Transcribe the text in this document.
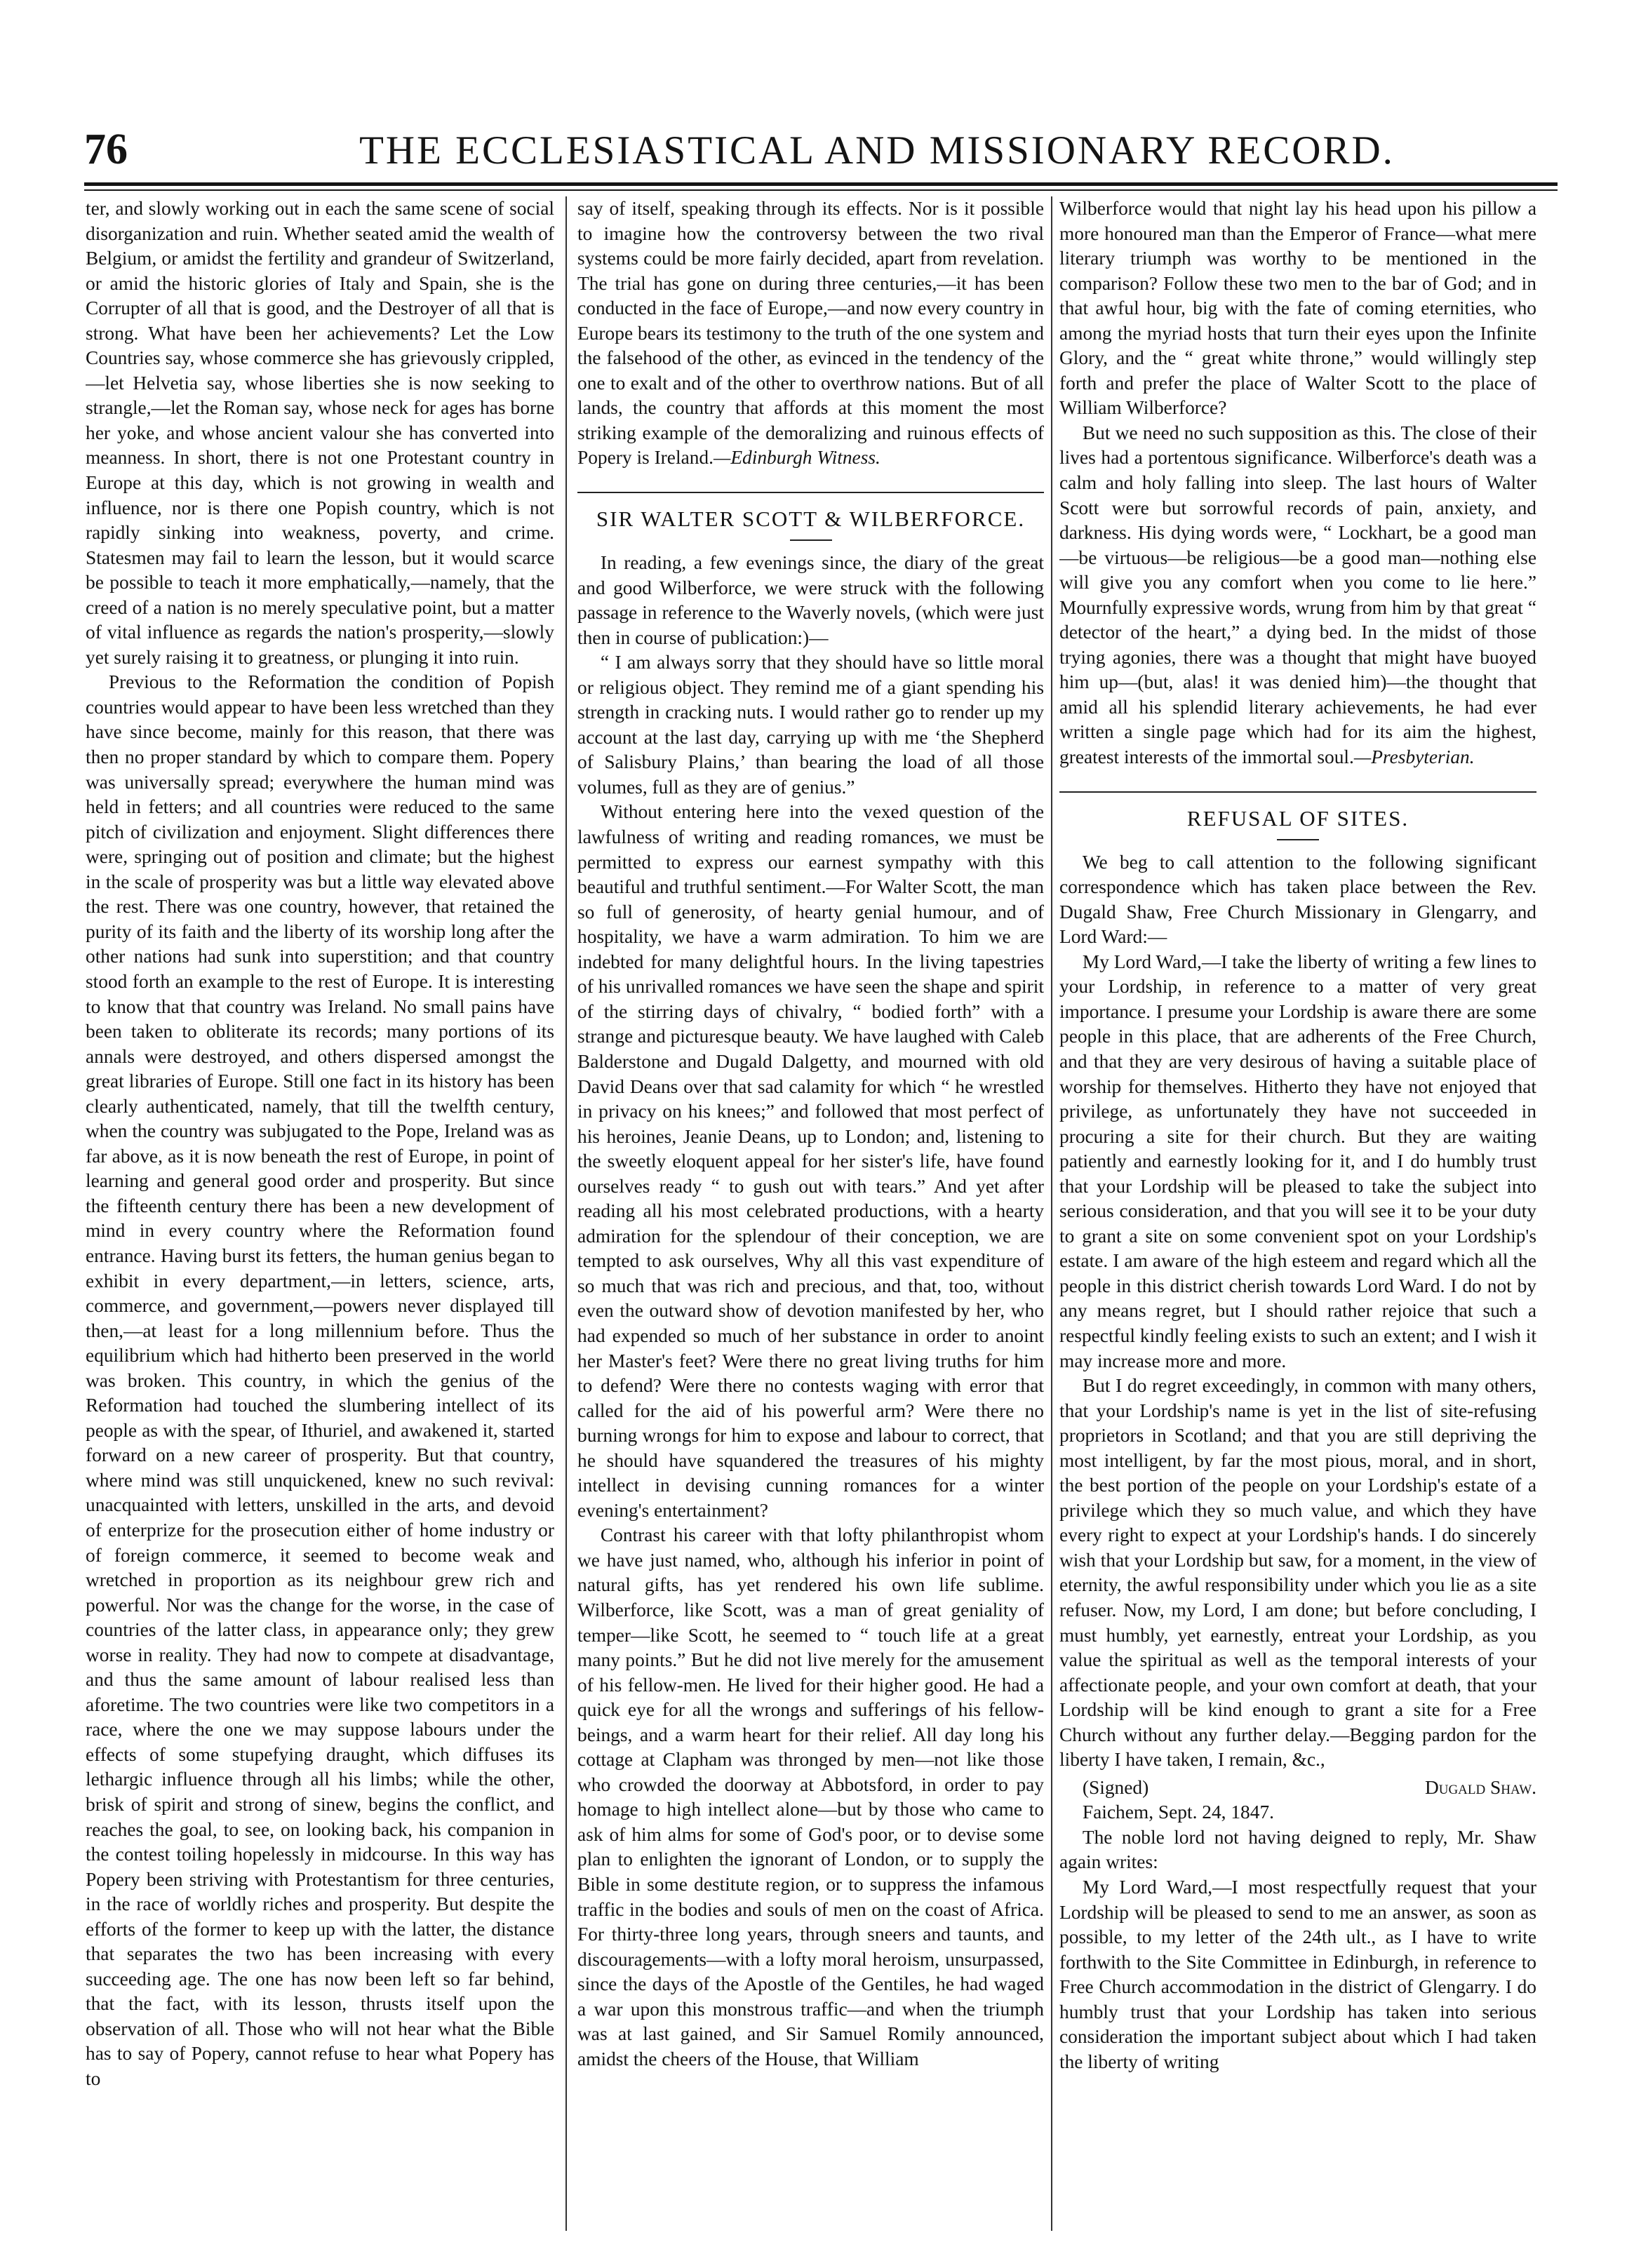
76	THE ECCLESIASTICAL AND MISSIONARY RECORD.

ter, and slowly working out in each the same scene of social disorganization and ruin. Whether seated amid the wealth of Belgium, or amidst the fertility and grandeur of Switzerland, or amid the historic glories of Italy and Spain, she is the Corrupter of all that is good, and the Destroyer of all that is strong. What have been her achievements? Let the Low Countries say, whose commerce she has grievously crippled,—let Helvetia say, whose liberties she is now seeking to strangle,—let the Roman say, whose neck for ages has borne her yoke, and whose ancient valour she has converted into meanness. In short, there is not one Protestant country in Europe at this day, which is not growing in wealth and influence, nor is there one Popish country, which is not rapidly sinking into weakness, poverty, and crime. Statesmen may fail to learn the lesson, but it would scarce be possible to teach it more emphatically,—namely, that the creed of a nation is no merely speculative point, but a matter of vital influence as regards the nation's prosperity,—slowly yet surely raising it to greatness, or plunging it into ruin.

Previous to the Reformation the condition of Popish countries would appear to have been less wretched than they have since become, mainly for this reason, that there was then no proper standard by which to compare them. Popery was universally spread; everywhere the human mind was held in fetters; and all countries were reduced to the same pitch of civilization and enjoyment. Slight differences there were, springing out of position and climate; but the highest in the scale of prosperity was but a little way elevated above the rest. There was one country, however, that retained the purity of its faith and the liberty of its worship long after the other nations had sunk into superstition; and that country stood forth an example to the rest of Europe. It is interesting to know that that country was Ireland. No small pains have been taken to obliterate its records; many portions of its annals were destroyed, and others dispersed amongst the great libraries of Europe. Still one fact in its history has been clearly authenticated, namely, that till the twelfth century, when the country was subjugated to the Pope, Ireland was as far above, as it is now beneath the rest of Europe, in point of learning and general good order and prosperity. But since the fifteenth century there has been a new development of mind in every country where the Reformation found entrance. Having burst its fetters, the human genius began to exhibit in every department,—in letters, science, arts, commerce, and government,—powers never displayed till then,—at least for a long millennium before. Thus the equilibrium which had hitherto been preserved in the world was broken. This country, in which the genius of the Reformation had touched the slumbering intellect of its people as with the spear, of Ithuriel, and awakened it, started forward on a new career of prosperity. But that country, where mind was still unquickened, knew no such revival: unacquainted with letters, unskilled in the arts, and devoid of enterprize for the prosecution either of home industry or of foreign commerce, it seemed to become weak and wretched in proportion as its neighbour grew rich and powerful. Nor was the change for the worse, in the case of countries of the latter class, in appearance only; they grew worse in reality. They had now to compete at disadvantage, and thus the same amount of labour realised less than aforetime. The two countries were like two competitors in a race, where the one we may suppose labours under the effects of some stupefying draught, which diffuses its lethargic influence through all his limbs; while the other, brisk of spirit and strong of sinew, begins the conflict, and reaches the goal, to see, on looking back, his companion in the contest toiling hopelessly in midcourse. In this way has Popery been striving with Protestantism for three centuries, in the race of worldly riches and prosperity. But despite the efforts of the former to keep up with the latter, the distance that separates the two has been increasing with every succeeding age. The one has now been left so far behind, that the fact, with its lesson, thrusts itself upon the observation of all. Those who will not hear what the Bible has to say of Popery, cannot refuse to hear what Popery has to

say of itself, speaking through its effects. Nor is it possible to imagine how the controversy between the two rival systems could be more fairly decided, apart from revelation. The trial has gone on during three centuries,—it has been conducted in the face of Europe,—and now every country in Europe bears its testimony to the truth of the one system and the falsehood of the other, as evinced in the tendency of the one to exalt and of the other to overthrow nations. But of all lands, the country that affords at this moment the most striking example of the demoralizing and ruinous effects of Popery is Ireland.—Edinburgh Witness.

SIR WALTER SCOTT & WILBERFORCE.

In reading, a few evenings since, the diary of the great and good Wilberforce, we were struck with the following passage in reference to the Waverly novels, (which were just then in course of publication:)—

“ I am always sorry that they should have so little moral or religious object. They remind me of a giant spending his strength in cracking nuts. I would rather go to render up my account at the last day, carrying up with me ‘the Shepherd of Salisbury Plains,’ than bearing the load of all those volumes, full as they are of genius.”

Without entering here into the vexed question of the lawfulness of writing and reading romances, we must be permitted to express our earnest sympathy with this beautiful and truthful sentiment.—For Walter Scott, the man so full of generosity, of hearty genial humour, and of hospitality, we have a warm admiration. To him we are indebted for many delightful hours. In the living tapestries of his unrivalled romances we have seen the shape and spirit of the stirring days of chivalry, “ bodied forth” with a strange and picturesque beauty. We have laughed with Caleb Balderstone and Dugald Dalgetty, and mourned with old David Deans over that sad calamity for which “ he wrestled in privacy on his knees;” and followed that most perfect of his heroines, Jeanie Deans, up to London; and, listening to the sweetly eloquent appeal for her sister's life, have found ourselves ready “ to gush out with tears.” And yet after reading all his most celebrated productions, with a hearty admiration for the splendour of their conception, we are tempted to ask ourselves, Why all this vast expenditure of so much that was rich and precious, and that, too, without even the outward show of devotion manifested by her, who had expended so much of her substance in order to anoint her Master's feet? Were there no great living truths for him to defend? Were there no contests waging with error that called for the aid of his powerful arm? Were there no burning wrongs for him to expose and labour to correct, that he should have squandered the treasures of his mighty intellect in devising cunning romances for a winter evening's entertainment?

Contrast his career with that lofty philanthropist whom we have just named, who, although his inferior in point of natural gifts, has yet rendered his own life sublime. Wilberforce, like Scott, was a man of great geniality of temper—like Scott, he seemed to “ touch life at a great many points.” But he did not live merely for the amusement of his fellow-men. He lived for their higher good. He had a quick eye for all the wrongs and sufferings of his fellow-beings, and a warm heart for their relief. All day long his cottage at Clapham was thronged by men—not like those who crowded the doorway at Abbotsford, in order to pay homage to high intellect alone—but by those who came to ask of him alms for some of God's poor, or to devise some plan to enlighten the ignorant of London, or to supply the Bible in some destitute region, or to suppress the infamous traffic in the bodies and souls of men on the coast of Africa. For thirty-three long years, through sneers and taunts, and discouragements—with a lofty moral heroism, unsurpassed, since the days of the Apostle of the Gentiles, he had waged a war upon this monstrous traffic—and when the triumph was at last gained, and Sir Samuel Romily announced, amidst the cheers of the House, that William

Wilberforce would that night lay his head upon his pillow a more honoured man than the Emperor of France—what mere literary triumph was worthy to be mentioned in the comparison? Follow these two men to the bar of God; and in that awful hour, big with the fate of coming eternities, who among the myriad hosts that turn their eyes upon the Infinite Glory, and the “ great white throne,” would willingly step forth and prefer the place of Walter Scott to the place of William Wilberforce?

But we need no such supposition as this. The close of their lives had a portentous significance. Wilberforce's death was a calm and holy falling into sleep. The last hours of Walter Scott were but sorrowful records of pain, anxiety, and darkness. His dying words were, “ Lockhart, be a good man—be virtuous—be religious—be a good man—nothing else will give you any comfort when you come to lie here.” Mournfully expressive words, wrung from him by that great “ detector of the heart,” a dying bed. In the midst of those trying agonies, there was a thought that might have buoyed him up—(but, alas! it was denied him)—the thought that amid all his splendid literary achievements, he had ever written a single page which had for its aim the highest, greatest interests of the immortal soul.—Presbyterian.

REFUSAL OF SITES.

We beg to call attention to the following significant correspondence which has taken place between the Rev. Dugald Shaw, Free Church Missionary in Glengarry, and Lord Ward:—

My Lord Ward,—I take the liberty of writing a few lines to your Lordship, in reference to a matter of very great importance. I presume your Lordship is aware there are some people in this place, that are adherents of the Free Church, and that they are very desirous of having a suitable place of worship for themselves. Hitherto they have not enjoyed that privilege, as unfortunately they have not succeeded in procuring a site for their church. But they are waiting patiently and earnestly looking for it, and I do humbly trust that your Lordship will be pleased to take the subject into serious consideration, and that you will see it to be your duty to grant a site on some convenient spot on your Lordship's estate. I am aware of the high esteem and regard which all the people in this district cherish towards Lord Ward. I do not by any means regret, but I should rather rejoice that such a respectful kindly feeling exists to such an extent; and I wish it may increase more and more.

But I do regret exceedingly, in common with many others, that your Lordship's name is yet in the list of site-refusing proprietors in Scotland; and that you are still depriving the most intelligent, by far the most pious, moral, and in short, the best portion of the people on your Lordship's estate of a privilege which they so much value, and which they have every right to expect at your Lordship's hands. I do sincerely wish that your Lordship but saw, for a moment, in the view of eternity, the awful responsibility under which you lie as a site refuser. Now, my Lord, I am done; but before concluding, I must humbly, yet earnestly, entreat your Lordship, as you value the spiritual as well as the temporal interests of your affectionate people, and your own comfort at death, that your Lordship will be kind enough to grant a site for a Free Church without any further delay.—Begging pardon for the liberty I have taken, I remain, &c.,

(Signed)	Dugald Shaw.

Faichem, Sept. 24, 1847.

The noble lord not having deigned to reply, Mr. Shaw again writes:

My Lord Ward,—I most respectfully request that your Lordship will be pleased to send to me an answer, as soon as possible, to my letter of the 24th ult., as I have to write forthwith to the Site Committee in Edinburgh, in reference to Free Church accommodation in the district of Glengarry. I do humbly trust that your Lordship has taken into serious consideration the important subject about which I had taken the liberty of writing
